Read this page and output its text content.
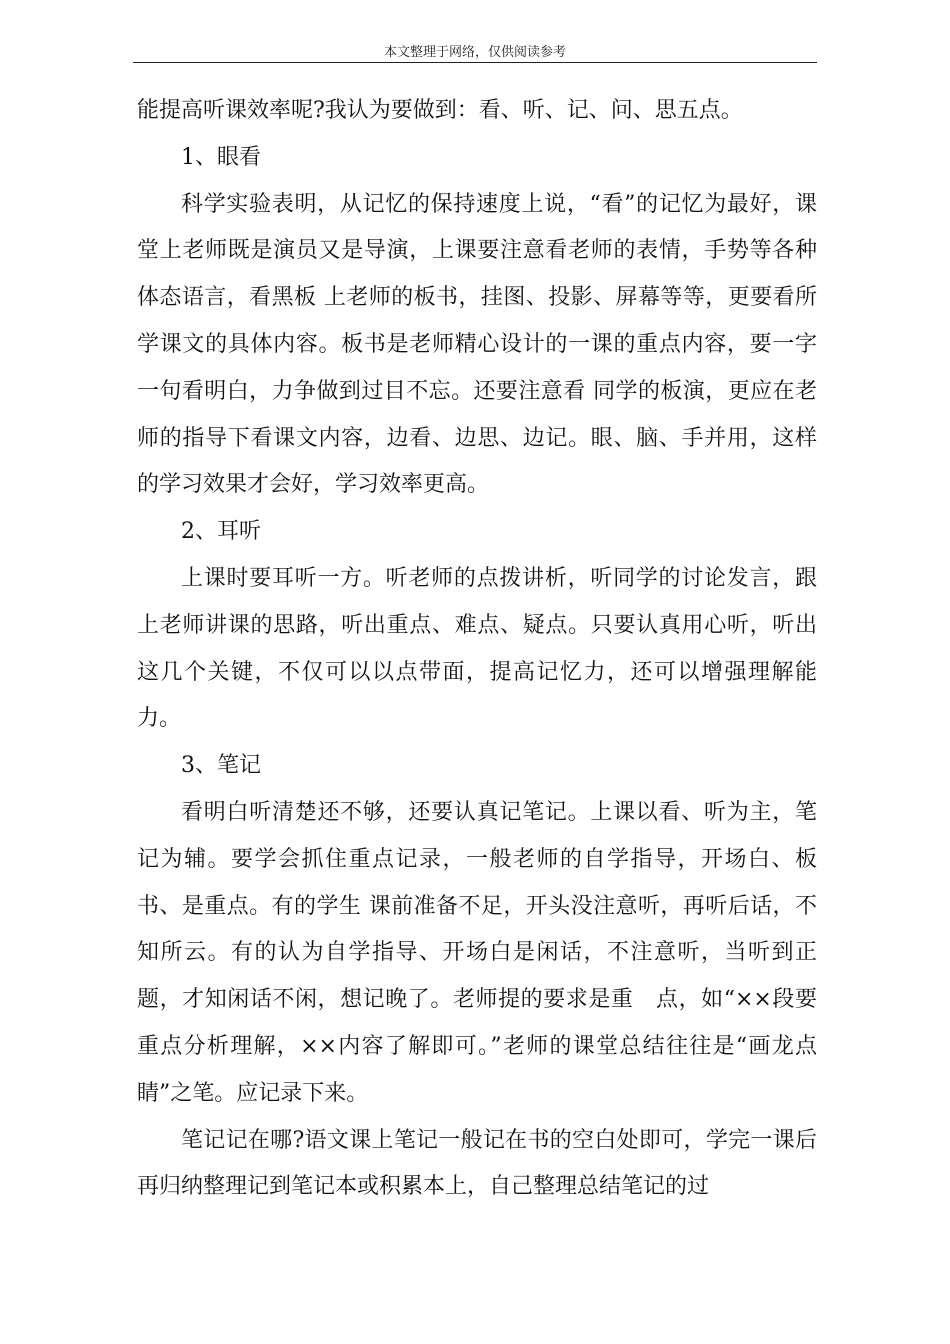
本文整理于网络，仅供阅读参考

能提高听课效率呢?我认为要做到：看、听、记、问、思五点。

1、眼看

科学实验表明，从记忆的保持速度上说，“看”的记忆为最好，课堂上老师既是演员又是导演，上课要注意看老师的表情，手势等各种体态语言，看黑板 上老师的板书，挂图、投影、屏幕等等，更要看所学课文的具体内容。板书是老师精心设计的一课的重点内容，要一字一句看明白，力争做到过目不忘。还要注意看 同学的板演，更应在老师的指导下看课文内容，边看、边思、边记。眼、脑、手并用，这样的学习效果才会好，学习效率更高。

2、耳听

上课时要耳听一方。听老师的点拨讲析，听同学的讨论发言，跟上老师讲课的思路，听出重点、难点、疑点。只要认真用心听，听出这几个关键，不仅可以以点带面，提高记忆力，还可以增强理解能力。

3、笔记

看明白听清楚还不够，还要认真记笔记。上课以看、听为主，笔记为辅。要学会抓住重点记录，一般老师的自学指导，开场白、板书、是重点。有的学生 课前准备不足，开头没注意听，再听后话，不知所云。有的认为自学指导、开场白是闲话，不注意听，当听到正题，才知闲话不闲，想记晚了。老师提的要求是重　点，如“××段要重点分析理解，××内容了解即可。”老师的课堂总结往往是“画龙点睛”之笔。应记录下来。

笔记记在哪?语文课上笔记一般记在书的空白处即可，学完一课后再归纳整理记到笔记本或积累本上，自己整理总结笔记的过
